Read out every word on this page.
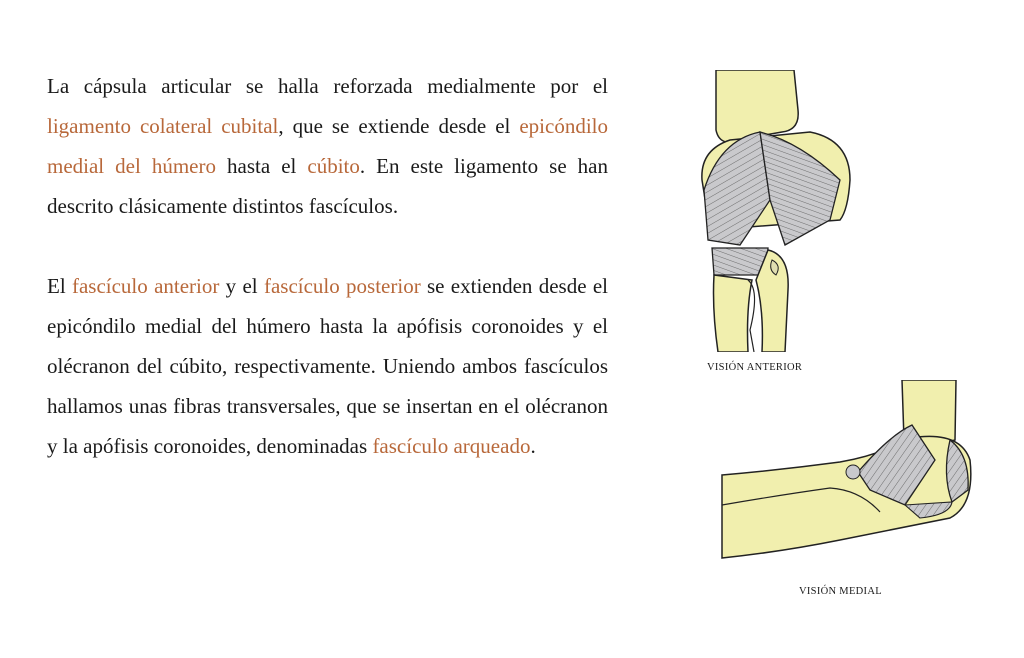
La cápsula articular se halla reforzada medialmente por el ligamento colateral cubital, que se extiende desde el epicóndilo medial del húmero hasta el cúbito. En este ligamento se han descrito clásicamente distintos fascículos.

El fascículo anterior y el fascículo posterior se extienden desde el epicóndilo medial del húmero hasta la apófisis coronoides y el olécranon del cúbito, respectivamente. Uniendo ambos fascículos hallamos unas fibras transversales, que se insertan en el olécranon y la apófisis coronoides, denominadas fascículo arqueado.

VISIÓN ANTERIOR
VISIÓN MEDIAL
